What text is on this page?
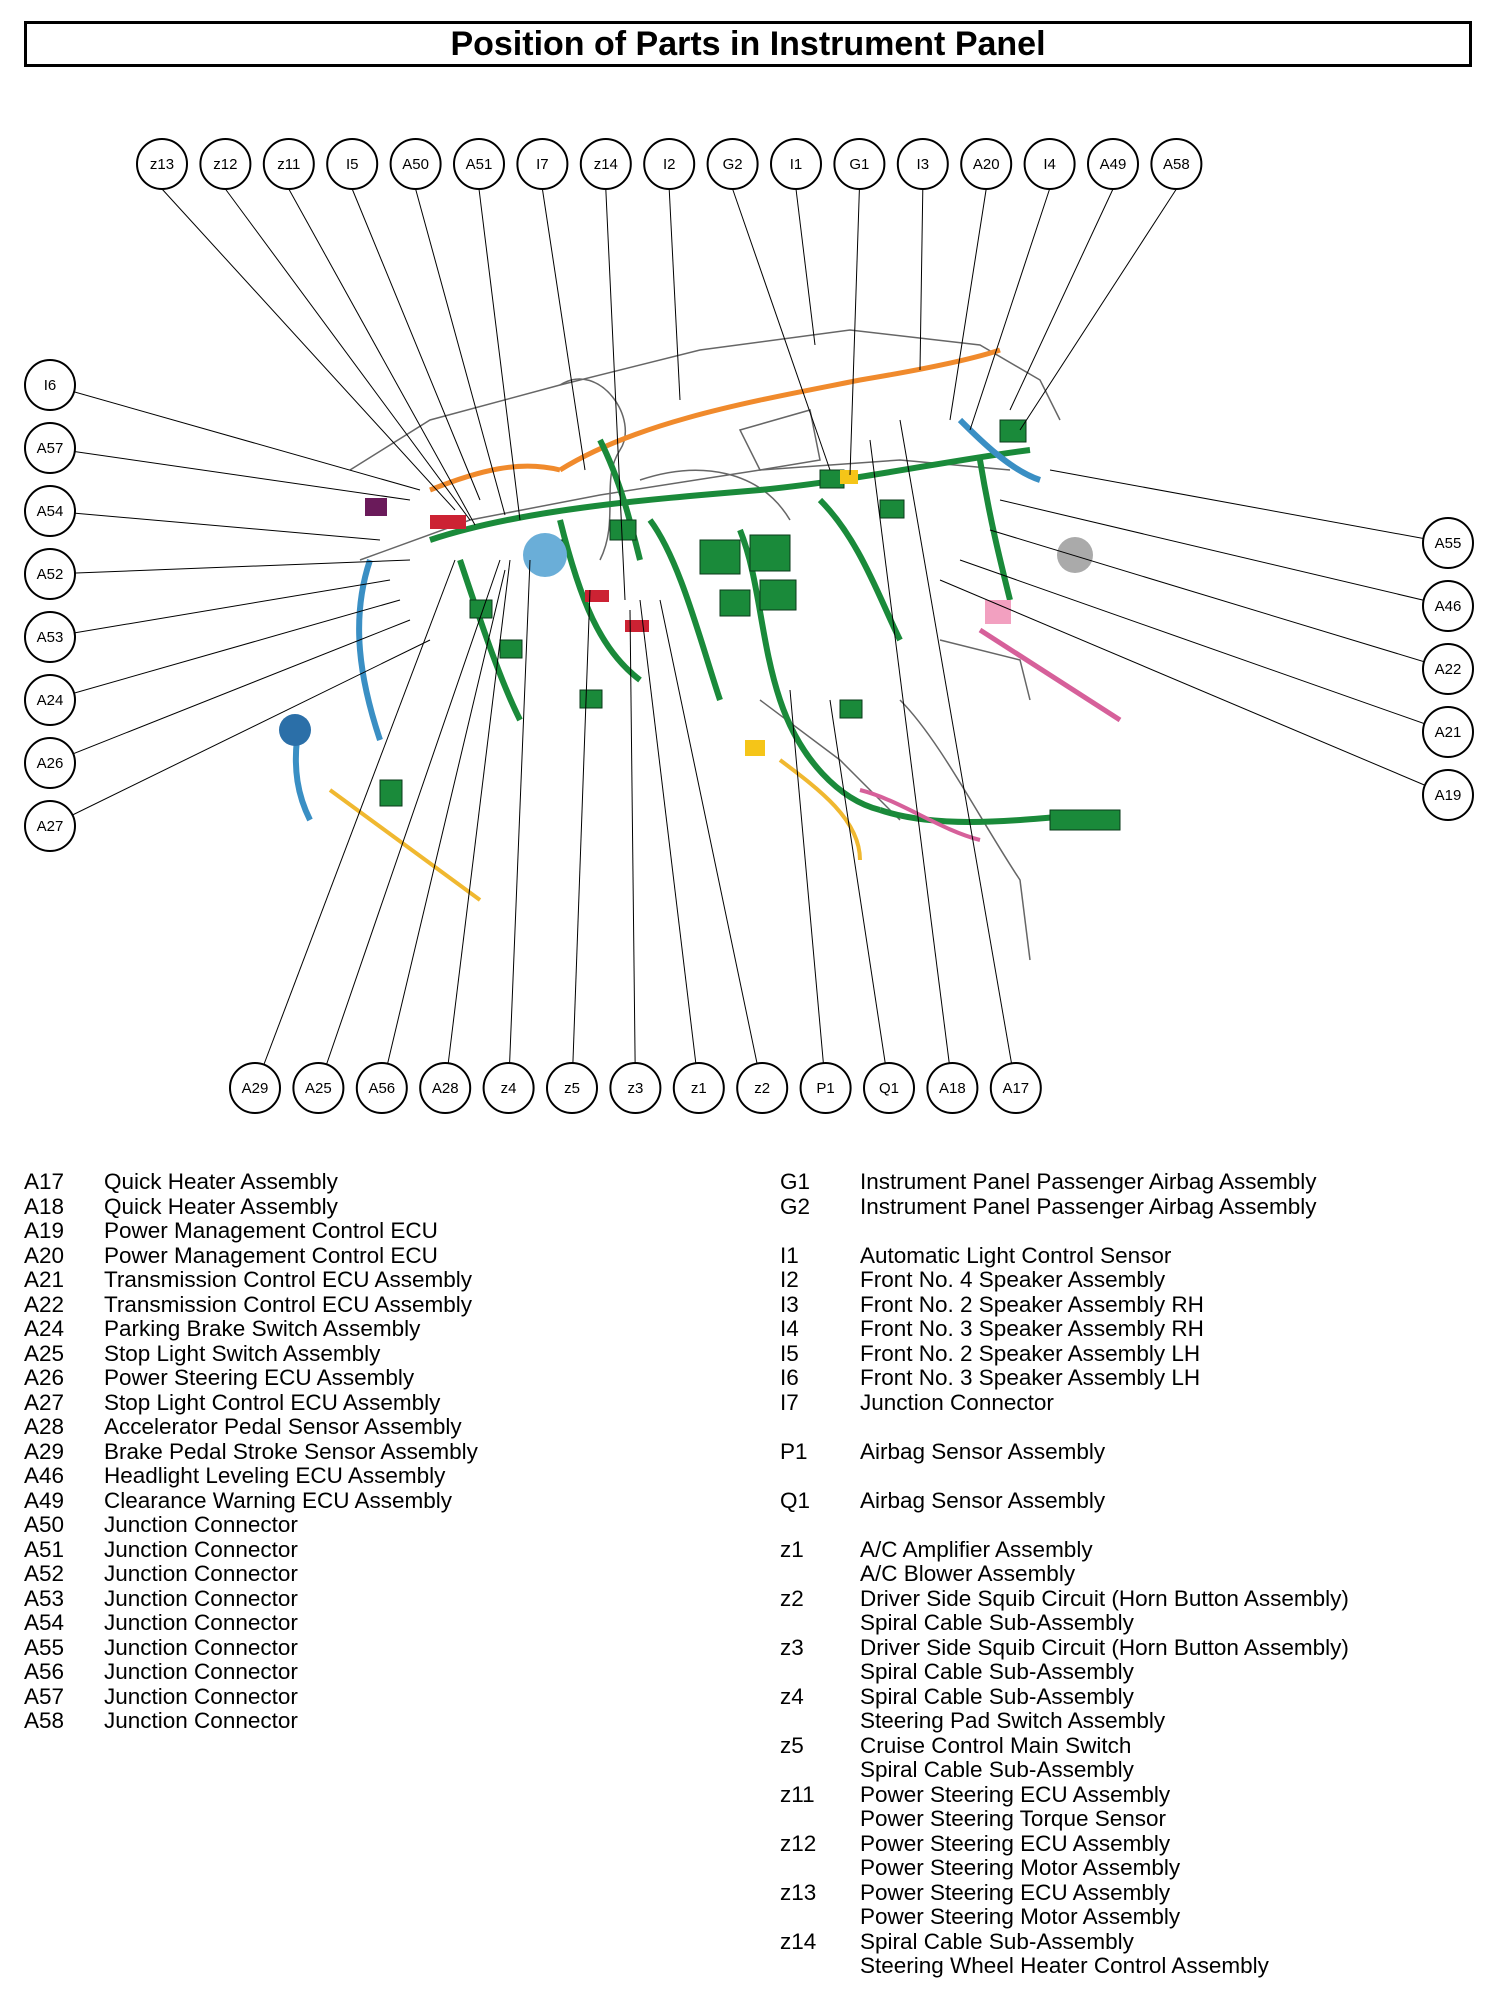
Position of Parts in Instrument Panel
z13	z12	z11	I5	A50 A51	I7	z14	I2	G2	I1	G1	I3	A20	I4	A49 A58
I6
A57
A54
A52
A53
A24
A26
A27
A55
A46
A22
A21
A19
A29 A25 A56 A28	z4	z5	z3	z1	z2	P1	Q1	A18 A17
A17	Quick Heater Assembly
A18	Quick Heater Assembly
A19	Power Management Control ECU
A20	Power Management Control ECU
A21	Transmission Control ECU Assembly
A22	Transmission Control ECU Assembly
A24	Parking Brake Switch Assembly
A25	Stop Light Switch Assembly
A26	Power Steering ECU Assembly
A27	Stop Light Control ECU Assembly
A28	Accelerator Pedal Sensor Assembly
A29	Brake Pedal Stroke Sensor Assembly
A46	Headlight Leveling ECU Assembly
A49	Clearance Warning ECU Assembly
A50	Junction Connector
A51	Junction Connector
A52	Junction Connector
A53	Junction Connector
A54	Junction Connector
A55	Junction Connector
A56	Junction Connector
A57	Junction Connector
A58	Junction Connector
G1	Instrument Panel Passenger Airbag Assembly
G2	Instrument Panel Passenger Airbag Assembly
I1	Automatic Light Control Sensor
I2	Front No. 4 Speaker Assembly
I3	Front No. 2 Speaker Assembly RH
I4	Front No. 3 Speaker Assembly RH
I5	Front No. 2 Speaker Assembly LH
I6	Front No. 3 Speaker Assembly LH
I7	Junction Connector
P1	Airbag Sensor Assembly
Q1	Airbag Sensor Assembly
z1	A/C Amplifier Assembly
A/C Blower Assembly
z2	Driver Side Squib Circuit (Horn Button Assembly)
Spiral Cable Sub-Assembly
z3	Driver Side Squib Circuit (Horn Button Assembly)
Spiral Cable Sub-Assembly
z4	Spiral Cable Sub-Assembly
Steering Pad Switch Assembly
z5	Cruise Control Main Switch
Spiral Cable Sub-Assembly
z11	Power Steering ECU Assembly
Power Steering Torque Sensor
z12	Power Steering ECU Assembly
Power Steering Motor Assembly
z13	Power Steering ECU Assembly
Power Steering Motor Assembly
z14	Spiral Cable Sub-Assembly
Steering Wheel Heater Control Assembly
